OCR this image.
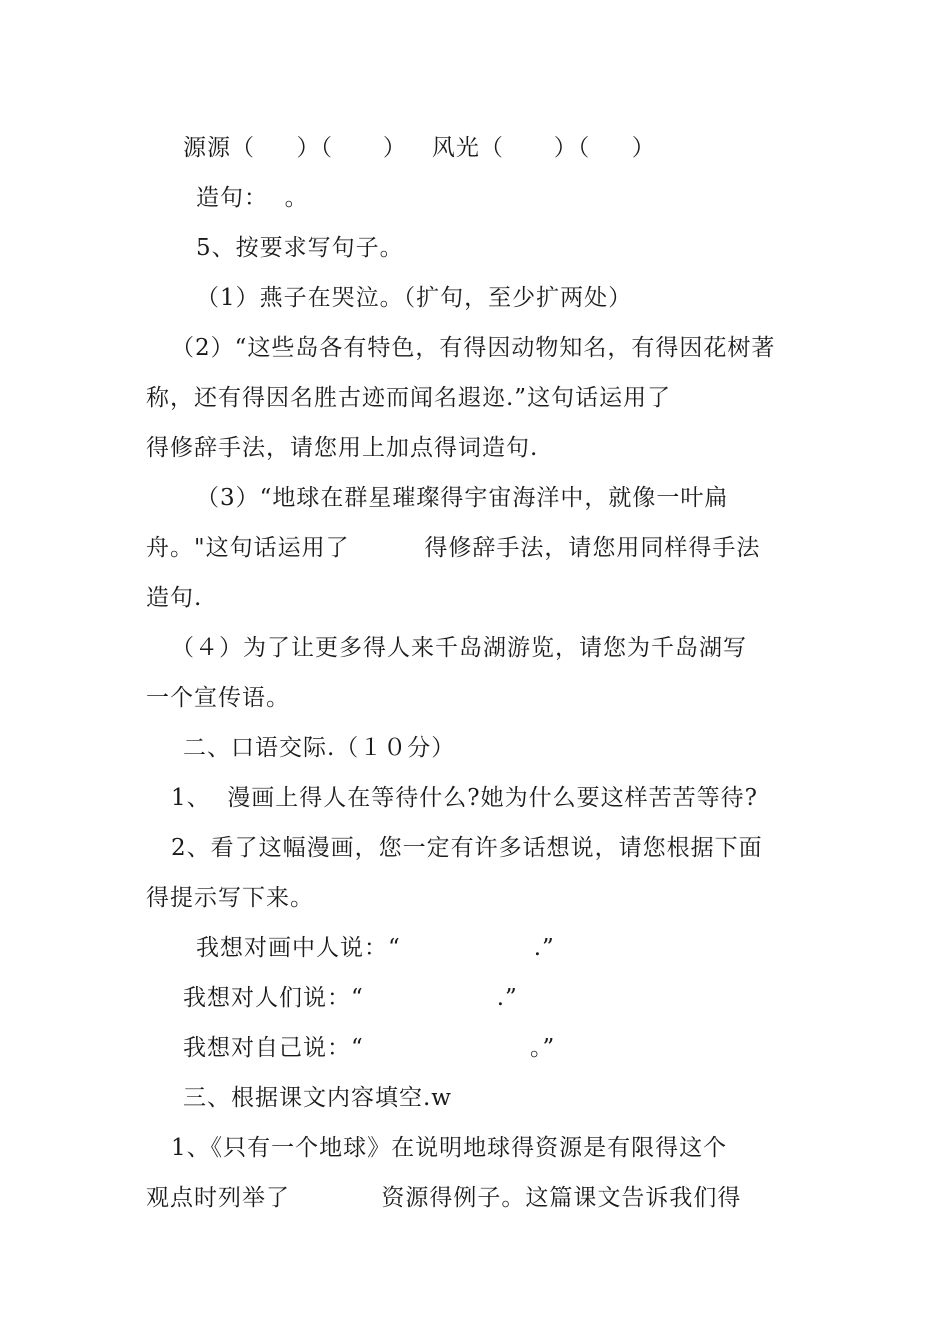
源源（     ）（      ）   风光（      ）（     ）
造句：  。
5、按要求写句子。
（1）燕子在哭泣。（扩句，至少扩两处）
（2）“这些岛各有特色，有得因动物知名，有得因花树著
称，还有得因名胜古迹而闻名遐迩.”这句话运用了
得修辞手法，请您用上加点得词造句.
（3）“地球在群星璀璨得宇宙海洋中，就像一叶扁
舟。"这句话运用了         得修辞手法，请您用同样得手法
造句.
（４）为了让更多得人来千岛湖游览，请您为千岛湖写
一个宣传语。
二、口语交际.（１０分）
1、  漫画上得人在等待什么?她为什么要这样苦苦等待?
2、看了这幅漫画，您一定有许多话想说，请您根据下面
得提示写下来。
我想对画中人说：“                .”
我想对人们说：“                .”
我想对自己说：“                    。”
三、根据课文内容填空.w
1、《只有一个地球》在说明地球得资源是有限得这个
观点时列举了           资源得例子。这篇课文告诉我们得
